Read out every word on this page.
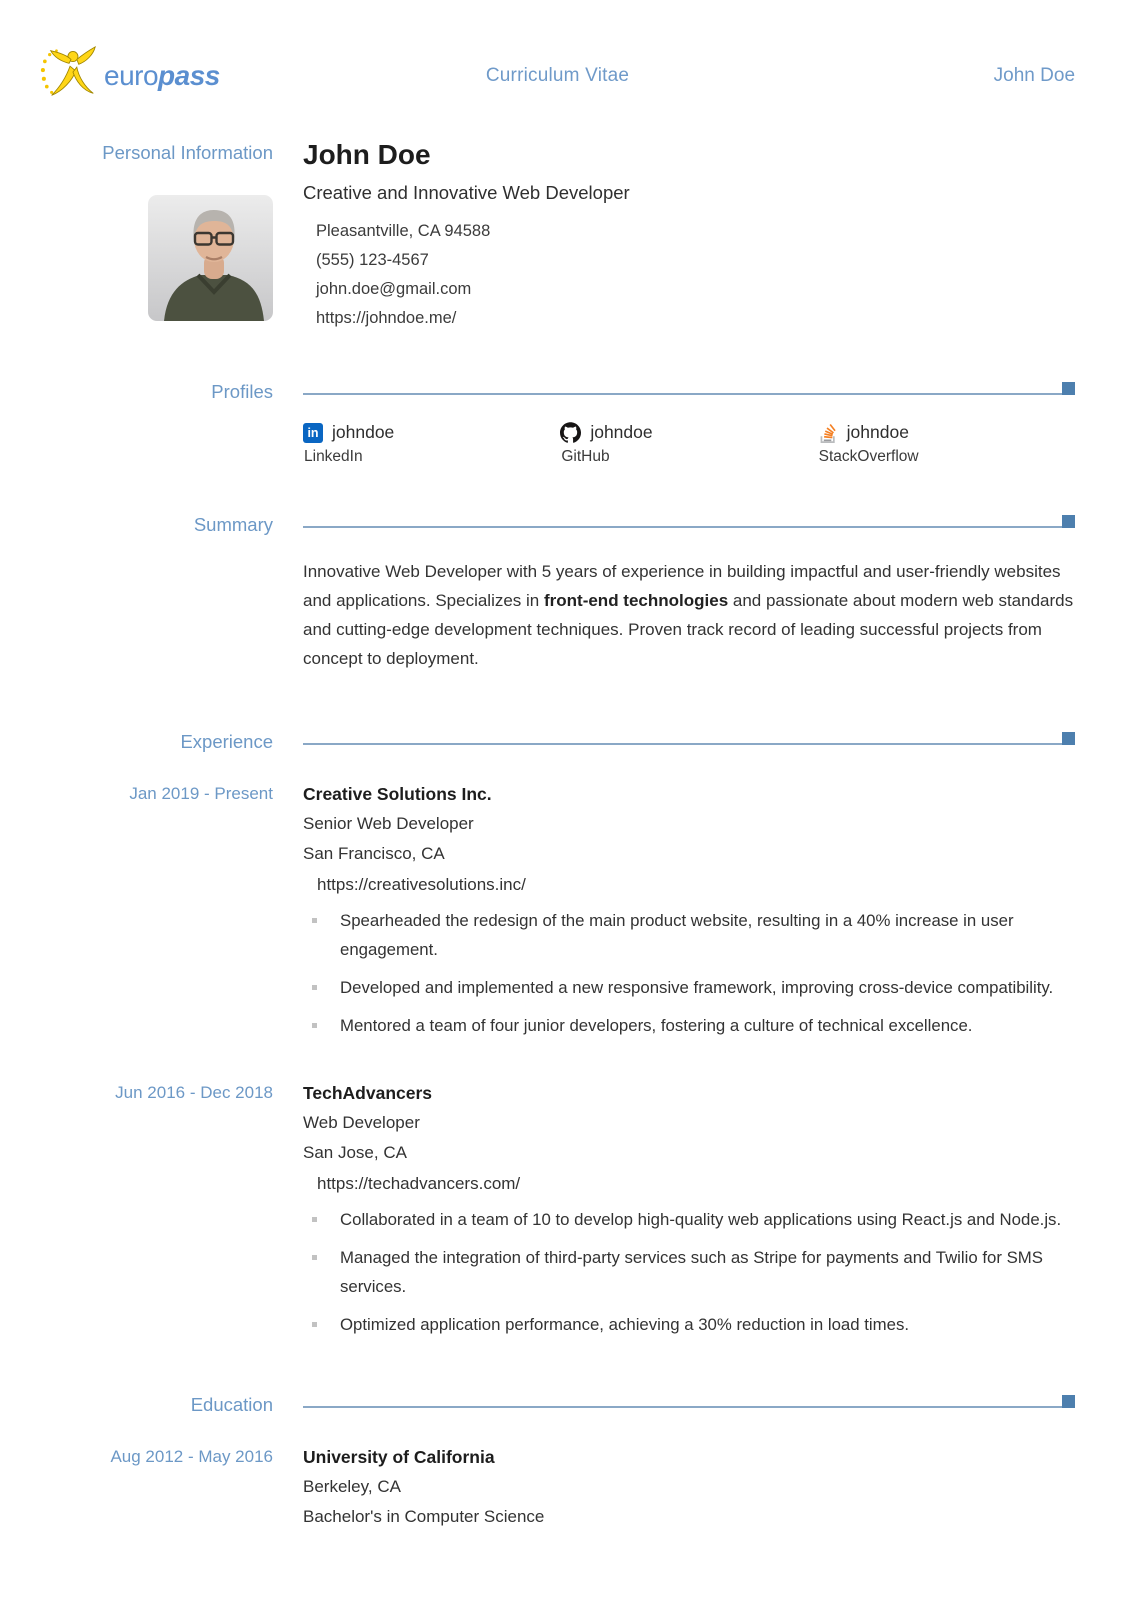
europass	Curriculum Vitae	John Doe
Personal Information John Doe
Creative and Innovative Web Developer
Pleasantville, CA 94588
(555) 123-4567
john.doe@gmail.com
https://johndoe.me/
Profiles
in johndoe
LinkedIn
johndoe
GitHub
johndoe
StackOverflow
Summary

Innovative Web Developer with 5 years of experience in building impactful and user-friendly websites and applications. Specializes in front-end technologies and passionate about modern web standards and cutting-edge development techniques. Proven track record of leading successful projects from concept to deployment.

Experience
Jan 2019 - Present Creative Solutions Inc.
Senior Web Developer
San Francisco, CA
https://creativesolutions.inc/
Spearheaded the redesign of the main product website, resulting in a 40% increase in user engagement.
Developed and implemented a new responsive framework, improving cross-device compatibility.
Mentored a team of four junior developers, fostering a culture of technical excellence.
Jun 2016 - Dec 2018 TechAdvancers
Web Developer
San Jose, CA
https://techadvancers.com/
Collaborated in a team of 10 to develop high-quality web applications using React.js and Node.js.
Managed the integration of third-party services such as Stripe for payments and Twilio for SMS services.
Optimized application performance, achieving a 30% reduction in load times.
Education
Aug 2012 - May 2016 University of California
Berkeley, CA
Bachelor's in Computer Science
